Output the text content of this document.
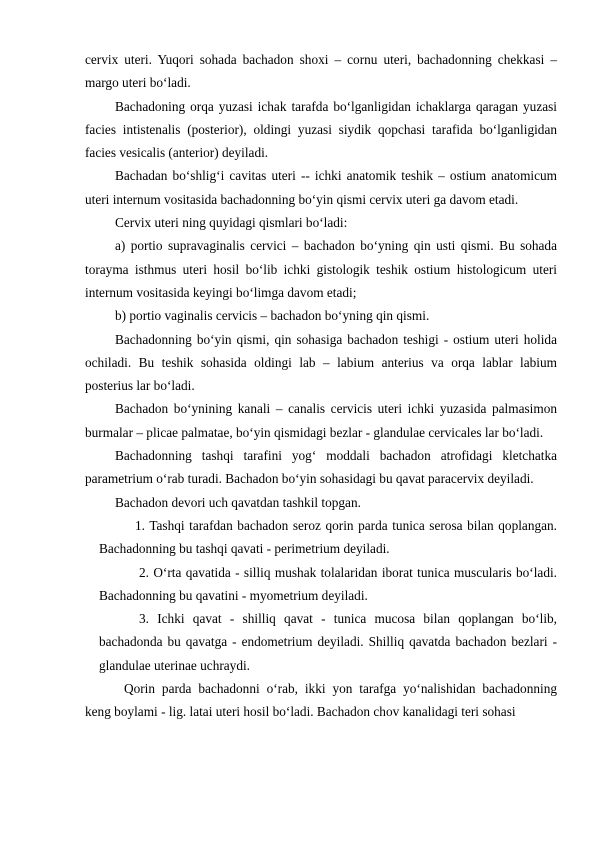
cervix uteri. Yuqori sohada bachadon shoxi – cornu uteri, bachadonning chekkasi – margo uteri bo‘ladi.

Bachadoning orqa yuzasi ichak tarafda bo‘lganligidan ichaklarga qaragan yuzasi facies intistenalis (posterior), oldingi yuzasi siydik qopchasi tarafida bo‘lganligidan facies vesicalis (anterior) deyiladi.

Bachadan bo‘shlig‘i cavitas uteri -- ichki anatomik teshik – ostium anatomicum uteri internum vositasida bachadonning bo‘yin qismi cervix uteri ga davom etadi.

Cervix uteri ning quyidagi qismlari bo‘ladi:

a) portio supravaginalis cervici – bachadon bo‘yning qin usti qismi. Bu sohada torayma isthmus uteri hosil bo‘lib ichki gistologik teshik ostium histologicum uteri internum vositasida keyingi bo‘limga davom etadi;

b) portio vaginalis cervicis – bachadon bo‘yning qin qismi.

Bachadonning bo‘yin qismi, qin sohasiga bachadon teshigi - ostium uteri holida ochiladi. Bu teshik sohasida oldingi lab – labium anterius va orqa lablar labium posterius lar bo‘ladi.

Bachadon bo‘ynining kanali – canalis cervicis uteri ichki yuzasida palmasimon burmalar – plicae palmatae, bo‘yin qismidagi bezlar - glandulae cervicales lar bo‘ladi.

Bachadonning tashqi tarafini yog‘ moddali bachadon atrofidagi kletchatka parametrium o‘rab turadi. Bachadon bo‘yin sohasidagi bu qavat paracervix deyiladi.

Bachadon devori uch qavatdan tashkil topgan.

1. Tashqi tarafdan bachadon seroz qorin parda tunica serosa bilan qoplangan. Bachadonning bu tashqi qavati - perimetrium deyiladi.

2. O‘rta qavatida - silliq mushak tolalaridan iborat tunica muscularis bo‘ladi. Bachadonning bu qavatini - myometrium deyiladi.

3. Ichki qavat - shilliq qavat - tunica mucosa bilan qoplangan bo‘lib, bachadonda bu qavatga - endometrium deyiladi. Shilliq qavatda bachadon bezlari - glandulae uterinae uchraydi.

Qorin parda bachadonni o‘rab, ikki yon tarafga yo‘nalishidan bachadonning keng boylami - lig. latai uteri hosil bo‘ladi. Bachadon chov kanalidagi teri sohasi
